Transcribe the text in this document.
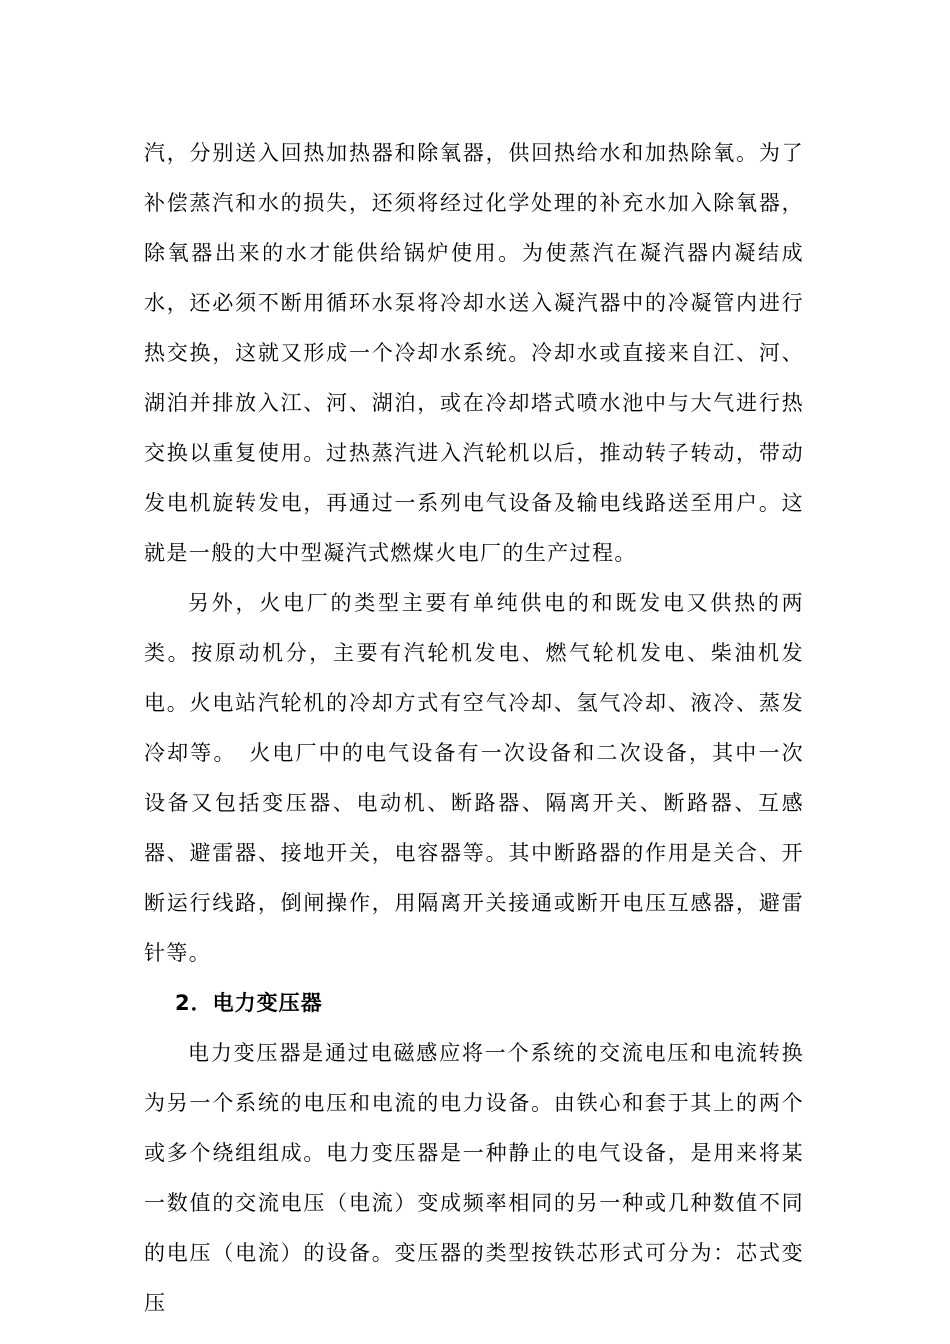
汽，分别送入回热加热器和除氧器，供回热给水和加热除氧。为了补偿蒸汽和水的损失，还须将经过化学处理的补充水加入除氧器，除氧器出来的水才能供给锅炉使用。为使蒸汽在凝汽器内凝结成水，还必须不断用循环水泵将冷却水送入凝汽器中的冷凝管内进行热交换，这就又形成一个冷却水系统。冷却水或直接来自江、河、湖泊并排放入江、河、湖泊，或在冷却塔式喷水池中与大气进行热交换以重复使用。过热蒸汽进入汽轮机以后，推动转子转动，带动发电机旋转发电，再通过一系列电气设备及输电线路送至用户。这就是一般的大中型凝汽式燃煤火电厂的生产过程。

另外，火电厂的类型主要有单纯供电的和既发电又供热的两类。按原动机分，主要有汽轮机发电、燃气轮机发电、柴油机发电。火电站汽轮机的冷却方式有空气冷却、氢气冷却、液冷、蒸发冷却等。　火电厂中的电气设备有一次设备和二次设备，其中一次设备又包括变压器、电动机、断路器、隔离开关、断路器、互感器、避雷器、接地开关，电容器等。其中断路器的作用是关合、开断运行线路，倒闸操作，用隔离开关接通或断开电压互感器，避雷针等。

2．电力变压器

电力变压器是通过电磁感应将一个系统的交流电压和电流转换为另一个系统的电压和电流的电力设备。由铁心和套于其上的两个或多个绕组组成。电力变压器是一种静止的电气设备，是用来将某一数值的交流电压（电流）变成频率相同的另一种或几种数值不同的电压（电流）的设备。变压器的类型按铁芯形式可分为：芯式变压
